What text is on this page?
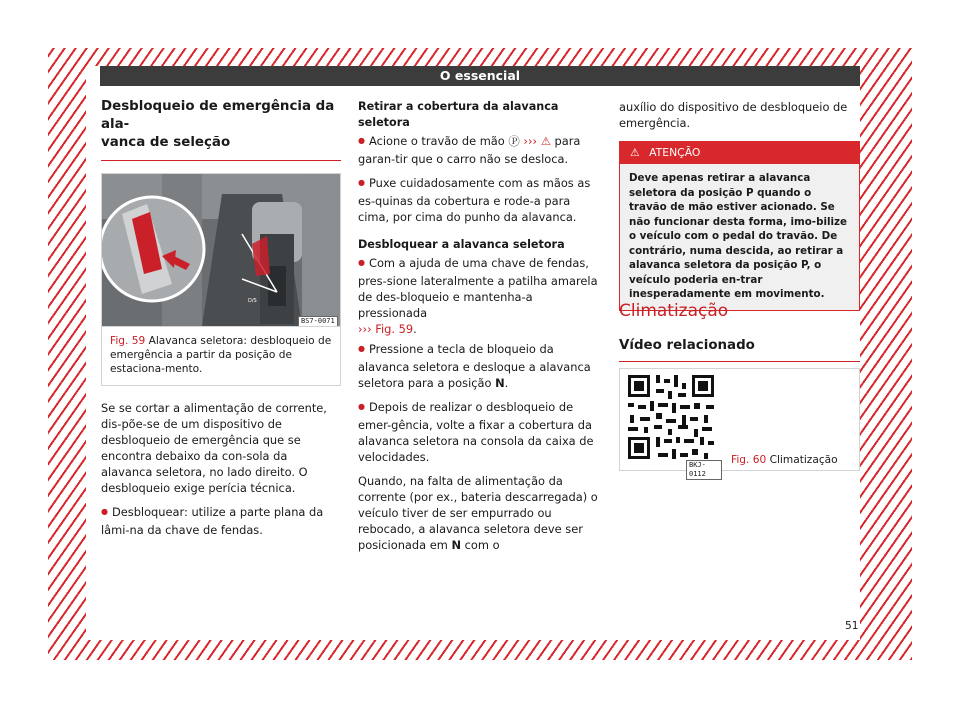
O essencial
Desbloqueio de emergência da ala-
vanca de seleção
D/S
BS7-0071
Fig. 59 Alavanca seletora: desbloqueio de emergência a partir da posição de estaciona-mento.

Se se cortar a alimentação de corrente, dis-põe-se de um dispositivo de desbloqueio de emergência que se encontra debaixo da con-sola da alavanca seletora, no lado direito. O desbloqueio exige perícia técnica.

● Desbloquear: utilize a parte plana da lâmi-na da chave de fendas.

Retirar a cobertura da alavanca seletora

● Acione o travão de mão Ⓟ ››› ⚠ para garan-tir que o carro não se desloca.

● Puxe cuidadosamente com as mãos as es-quinas da cobertura e rode-a para cima, por cima do punho da alavanca.

Desbloquear a alavanca seletora

● Com a ajuda de uma chave de fendas, pres-sione lateralmente a patilha amarela de des-bloqueio e mantenha-a pressionada

››› Fig. 59.

● Pressione a tecla de bloqueio da alavanca seletora e desloque a alavanca seletora para a posição N.

● Depois de realizar o desbloqueio de emer-gência, volte a fixar a cobertura da alavanca seletora na consola da caixa de velocidades.

Quando, na falta de alimentação da corrente (por ex., bateria descarregada) o veículo tiver de ser empurrado ou rebocado, a alavanca seletora deve ser posicionada em N com o

auxílio do dispositivo de desbloqueio de emergência.

⚠ ATENÇÃO
Deve apenas retirar a alavanca seletora da posição P quando o travão de mão estiver acionado. Se não funcionar desta forma, imo-bilize o veículo com o pedal do travão. De contrário, numa descida, ao retirar a alavanca seletora da posição P, o veículo poderia en-trar inesperadamente em movimento.
Climatização
Vídeo relacionado
BKJ-0112
Fig. 60 Climatização
51
